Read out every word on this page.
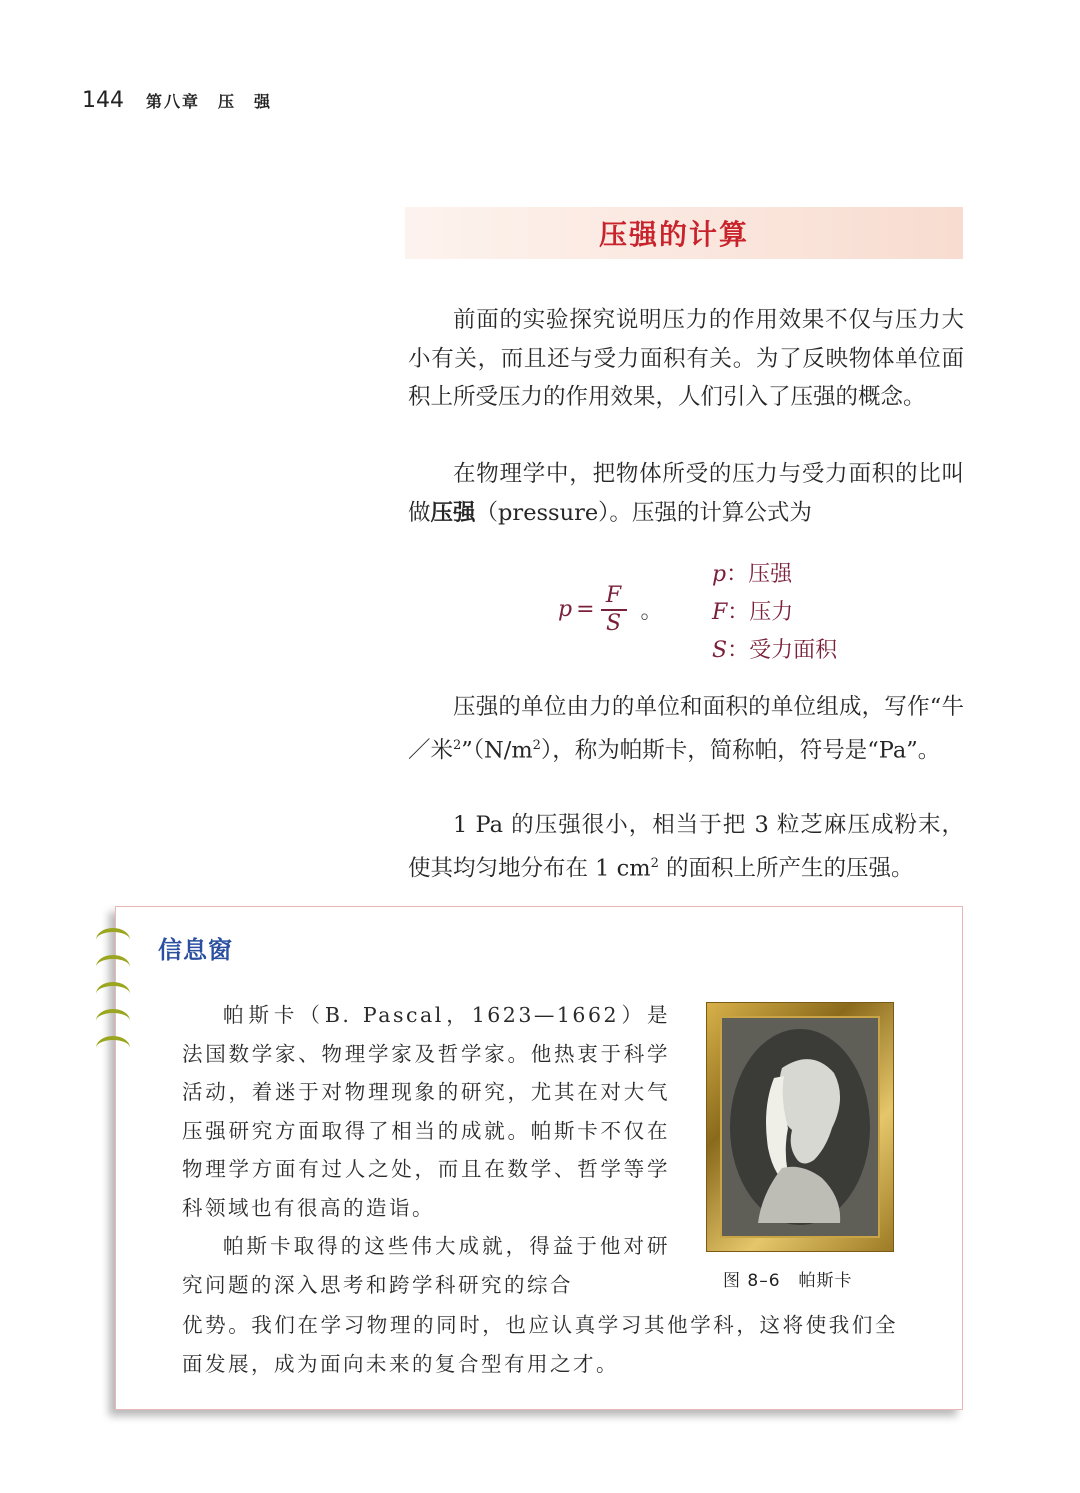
144 第八章　压　强
压强的计算

前面的实验探究说明压力的作用效果不仅与压力大小有关，而且还与受力面积有关。为了反映物体单位面积上所受压力的作用效果，人们引入了压强的概念。

在物理学中，把物体所受的压力与受力面积的比叫做压强（pressure）。压强的计算公式为

$p = \frac{F}{S}$ 。
p：压强
F：压力
S：受力面积

压强的单位由力的单位和面积的单位组成，写作“牛／米$^2”(N/m^2)$，称为帕斯卡，简称帕，符号是“Pa”。

1 Pa 的压强很小，相当于把 3 粒芝麻压成粉末，使其均匀地分布在 1 $cm^2$ 的面积上所产生的压强。

信息窗

帕斯卡（B. Pascal，1623—1662）是法国数学家、物理学家及哲学家。他热衷于科学活动，着迷于对物理现象的研究，尤其在对大气压强研究方面取得了相当的成就。帕斯卡不仅在物理学方面有过人之处，而且在数学、哲学等学科领域也有很高的造诣。

帕斯卡取得的这些伟大成就，得益于他对研究问题的深入思考和跨学科研究的综合

优势。我们在学习物理的同时，也应认真学习其他学科，这将使我们全面发展，成为面向未来的复合型有用之才。

图 8–6　帕斯卡
